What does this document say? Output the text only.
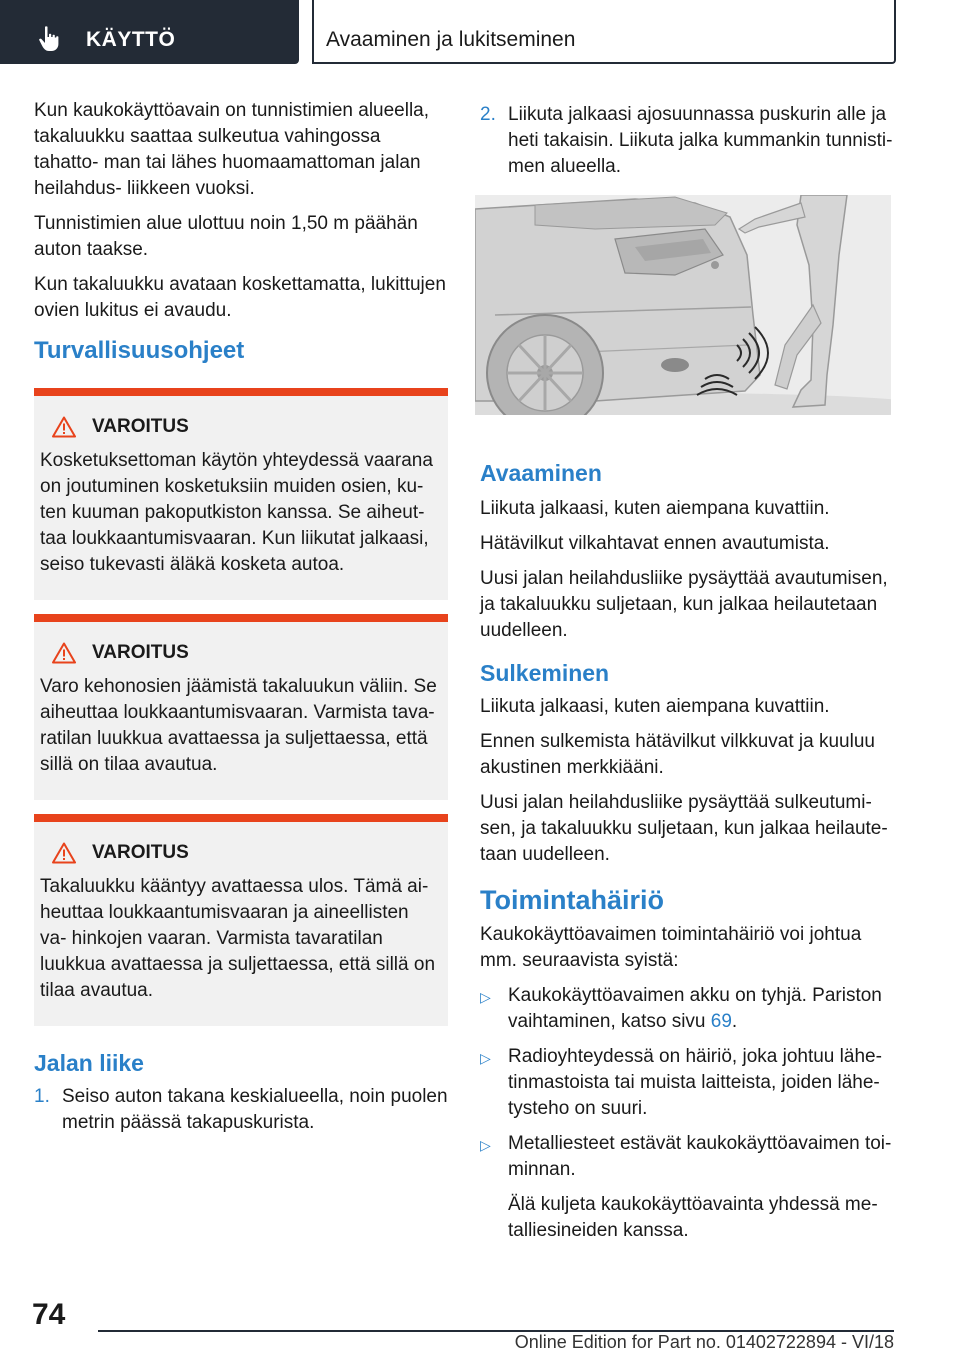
KÄYTTÖ	Avaaminen ja lukitseminen

Kun kaukokäyttöavain on tunnistimien alueella, takaluukku saattaa sulkeutua vahingossa tahatto- man tai lähes huomaamattoman jalan heilahdus- liikkeen vuoksi.

Tunnistimien alue ulottuu noin 1,50 m päähän auton taakse.

Kun takaluukku avataan koskettamatta, lukittujen ovien lukitus ei avaudu.

Turvallisuusohjeet
VAROITUS

Kosketuksettoman käytön yhteydessä vaarana on joutuminen kosketuksiin muiden osien, ku- ten kuuman pakoputkiston kanssa. Se aiheut- taa loukkaantumisvaaran. Kun liikutat jalkaasi, seiso tukevasti äläkä kosketa autoa.

VAROITUS

Varo kehonosien jäämistä takaluukun väliin. Se aiheuttaa loukkaantumisvaaran. Varmista tava- ratilan luukkua avattaessa ja suljettaessa, että sillä on tilaa avautua.

VAROITUS

Takaluukku kääntyy avattaessa ulos. Tämä ai- heuttaa loukkaantumisvaaran ja aineellisten va- hinkojen vaaran. Varmista tavaratilan luukkua avattaessa ja suljettaessa, että sillä on tilaa avautua.

Jalan liike
1. Seiso auton takana keskialueella, noin puolen metrin päässä takapuskurista.
2. Liikuta jalkaasi ajosuunnassa puskurin alle ja heti takaisin. Liikuta jalka kummankin tunnisti- men alueella.
Avaaminen

Liikuta jalkaasi, kuten aiempana kuvattiin.

Hätävilkut vilkahtavat ennen avautumista.

Uusi jalan heilahdusliike pysäyttää avautumisen, ja takaluukku suljetaan, kun jalkaa heilautetaan uudelleen.

Sulkeminen

Liikuta jalkaasi, kuten aiempana kuvattiin.

Ennen sulkemista hätävilkut vilkkuvat ja kuuluu akustinen merkkiääni.

Uusi jalan heilahdusliike pysäyttää sulkeutumi- sen, ja takaluukku suljetaan, kun jalkaa heilaute- taan uudelleen.

Toimintahäiriö

Kaukokäyttöavaimen toimintahäiriö voi johtua mm. seuraavista syistä:

▷ Kaukokäyttöavaimen akku on tyhjä. Pariston vaihtaminen, katso sivu 69.
▷ Radioyhteydessä on häiriö, joka johtuu lähe- tinmastoista tai muista laitteista, joiden lähe- tysteho on suuri.
▷ Metalliesteet estävät kaukokäyttöavaimen toi- minnan.
Älä kuljeta kaukokäyttöavainta yhdessä me- talliesineiden kanssa.
74
Online Edition for Part no. 01402722894 - VI/18
